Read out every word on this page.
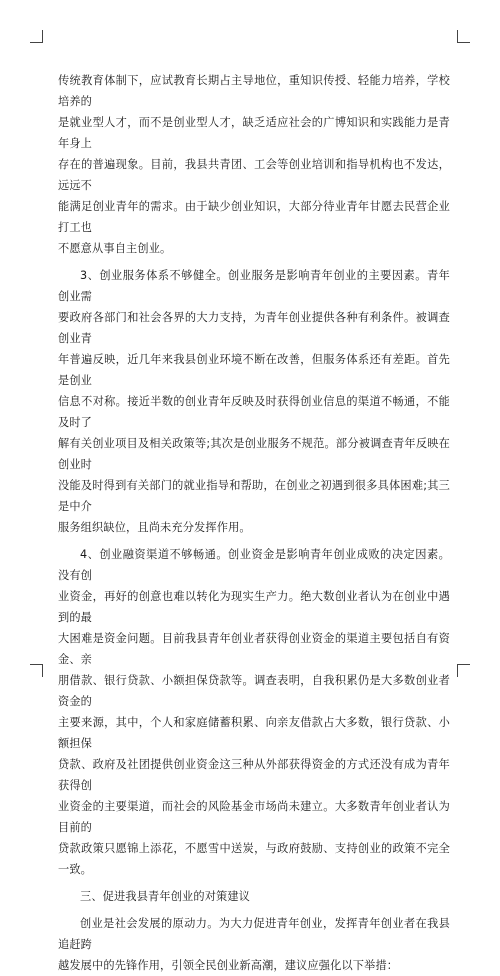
传统教育体制下，应试教育长期占主导地位，重知识传授、轻能力培养，学校培养的
是就业型人才，而不是创业型人才，缺乏适应社会的广博知识和实践能力是青年身上
存在的普遍现象。目前，我县共青团、工会等创业培训和指导机构也不发达，远远不
能满足创业青年的需求。由于缺少创业知识，大部分待业青年甘愿去民营企业打工也
不愿意从事自主创业。
3、创业服务体系不够健全。创业服务是影响青年创业的主要因素。青年创业需
要政府各部门和社会各界的大力支持，为青年创业提供各种有利条件。被调查创业青
年普遍反映，近几年来我县创业环境不断在改善，但服务体系还有差距。首先是创业
信息不对称。接近半数的创业青年反映及时获得创业信息的渠道不畅通，不能及时了
解有关创业项目及相关政策等;其次是创业服务不规范。部分被调查青年反映在创业时
没能及时得到有关部门的就业指导和帮助，在创业之初遇到很多具体困难;其三是中介
服务组织缺位，且尚未充分发挥作用。
4、创业融资渠道不够畅通。创业资金是影响青年创业成败的决定因素。没有创
业资金，再好的创意也难以转化为现实生产力。绝大数创业者认为在创业中遇到的最
大困难是资金问题。目前我县青年创业者获得创业资金的渠道主要包括自有资金、亲
朋借款、银行贷款、小额担保贷款等。调查表明，自我积累仍是大多数创业者资金的
主要来源，其中，个人和家庭储蓄积累、向亲友借款占大多数，银行贷款、小额担保
贷款、政府及社团提供创业资金这三种从外部获得资金的方式还没有成为青年获得创
业资金的主要渠道，而社会的风险基金市场尚未建立。大多数青年创业者认为目前的
贷款政策只愿锦上添花，不愿雪中送炭，与政府鼓励、支持创业的政策不完全一致。
三、促进我县青年创业的对策建议
创业是社会发展的原动力。为大力促进青年创业，发挥青年创业者在我县追赶跨
越发展中的先锋作用，引领全民创业新高潮，建议应强化以下举措：
